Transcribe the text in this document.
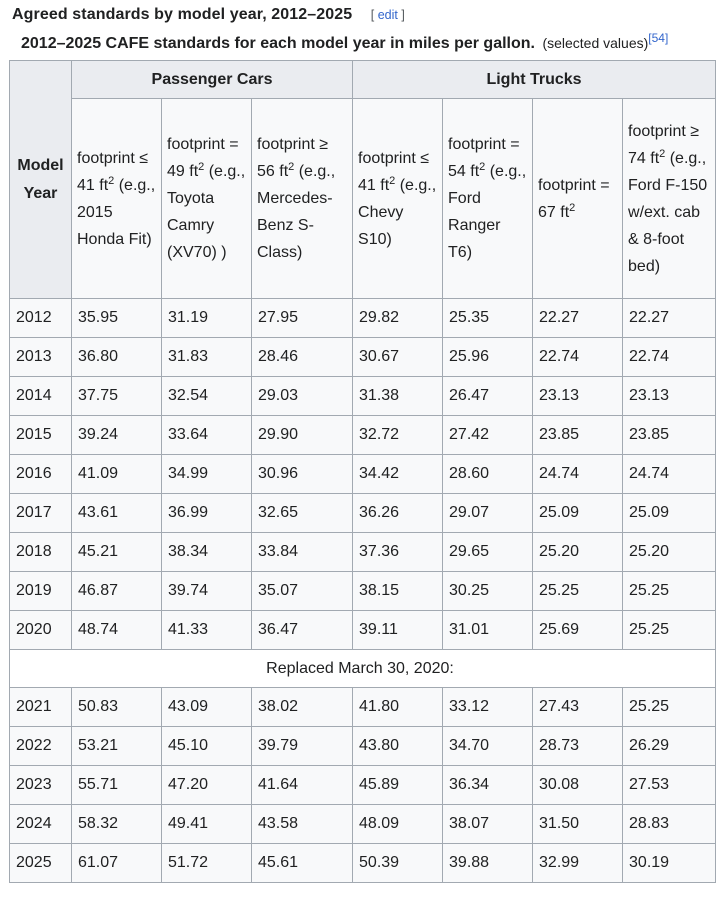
Agreed standards by model year, 2012–2025 [ edit ]
2012–2025 CAFE standards for each model year in miles per gallon. (selected values)[54]
Model
Year	Passenger Cars			Light Trucks			
	footprint ≤ 41 $ft^2$ (e.g., 2015 Honda Fit)	footprint = 49 $ft^2$ (e.g., Toyota Camry (XV70) )	footprint ≥ 56 $ft^2$ (e.g., Mercedes-Benz S-Class)	footprint ≤ 41 $ft^2$ (e.g., Chevy S10)	footprint = 54 $ft^2$ (e.g., Ford Ranger T6)	footprint = 67 $ft^2$	footprint ≥ 74 $ft^2$ (e.g., Ford F-150 w/ext. cab & 8-foot bed)
2012	35.95	31.19	27.95	29.82	25.35	22.27	22.27
2013	36.80	31.83	28.46	30.67	25.96	22.74	22.74
2014	37.75	32.54	29.03	31.38	26.47	23.13	23.13
2015	39.24	33.64	29.90	32.72	27.42	23.85	23.85
2016	41.09	34.99	30.96	34.42	28.60	24.74	24.74
2017	43.61	36.99	32.65	36.26	29.07	25.09	25.09
2018	45.21	38.34	33.84	37.36	29.65	25.20	25.20
2019	46.87	39.74	35.07	38.15	30.25	25.25	25.25
2020	48.74	41.33	36.47	39.11	31.01	25.69	25.25
Replaced March 30, 2020:							
2021	50.83	43.09	38.02	41.80	33.12	27.43	25.25
2022	53.21	45.10	39.79	43.80	34.70	28.73	26.29
2023	55.71	47.20	41.64	45.89	36.34	30.08	27.53
2024	58.32	49.41	43.58	48.09	38.07	31.50	28.83
2025	61.07	51.72	45.61	50.39	39.88	32.99	30.19
